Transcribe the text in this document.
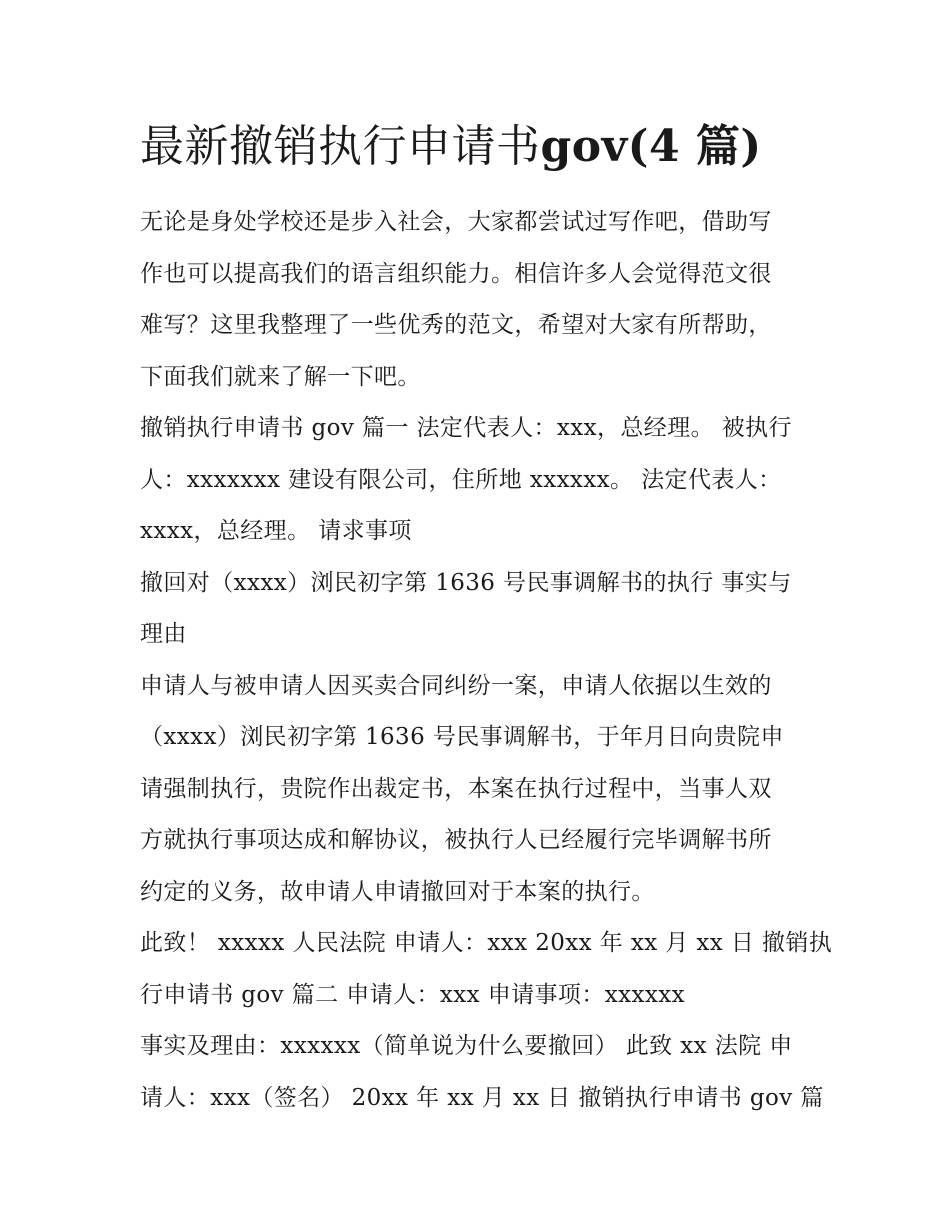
最新撤销执行申请书gov(4 篇)
无论是身处学校还是步入社会，大家都尝试过写作吧，借助写
作也可以提高我们的语言组织能力。相信许多人会觉得范文很
难写？这里我整理了一些优秀的范文，希望对大家有所帮助，
下面我们就来了解一下吧。
撤销执行申请书 gov 篇一 法定代表人：xxx，总经理。 被执行
人：xxxxxxx 建设有限公司，住所地 xxxxxx。 法定代表人：
xxxx，总经理。 请求事项
撤回对（xxxx）浏民初字第 1636 号民事调解书的执行 事实与
理由
申请人与被申请人因买卖合同纠纷一案，申请人依据以生效的
（xxxx）浏民初字第 1636 号民事调解书，于年月日向贵院申
请强制执行，贵院作出裁定书，本案在执行过程中，当事人双
方就执行事项达成和解协议，被执行人已经履行完毕调解书所
约定的义务，故申请人申请撤回对于本案的执行。
此致！ xxxxx 人民法院 申请人：xxx 20xx 年 xx 月 xx 日 撤销执
行申请书 gov 篇二 申请人：xxx 申请事项：xxxxxx
事实及理由：xxxxxx（简单说为什么要撤回） 此致 xx 法院 申
请人：xxx（签名） 20xx 年 xx 月 xx 日 撤销执行申请书 gov 篇
